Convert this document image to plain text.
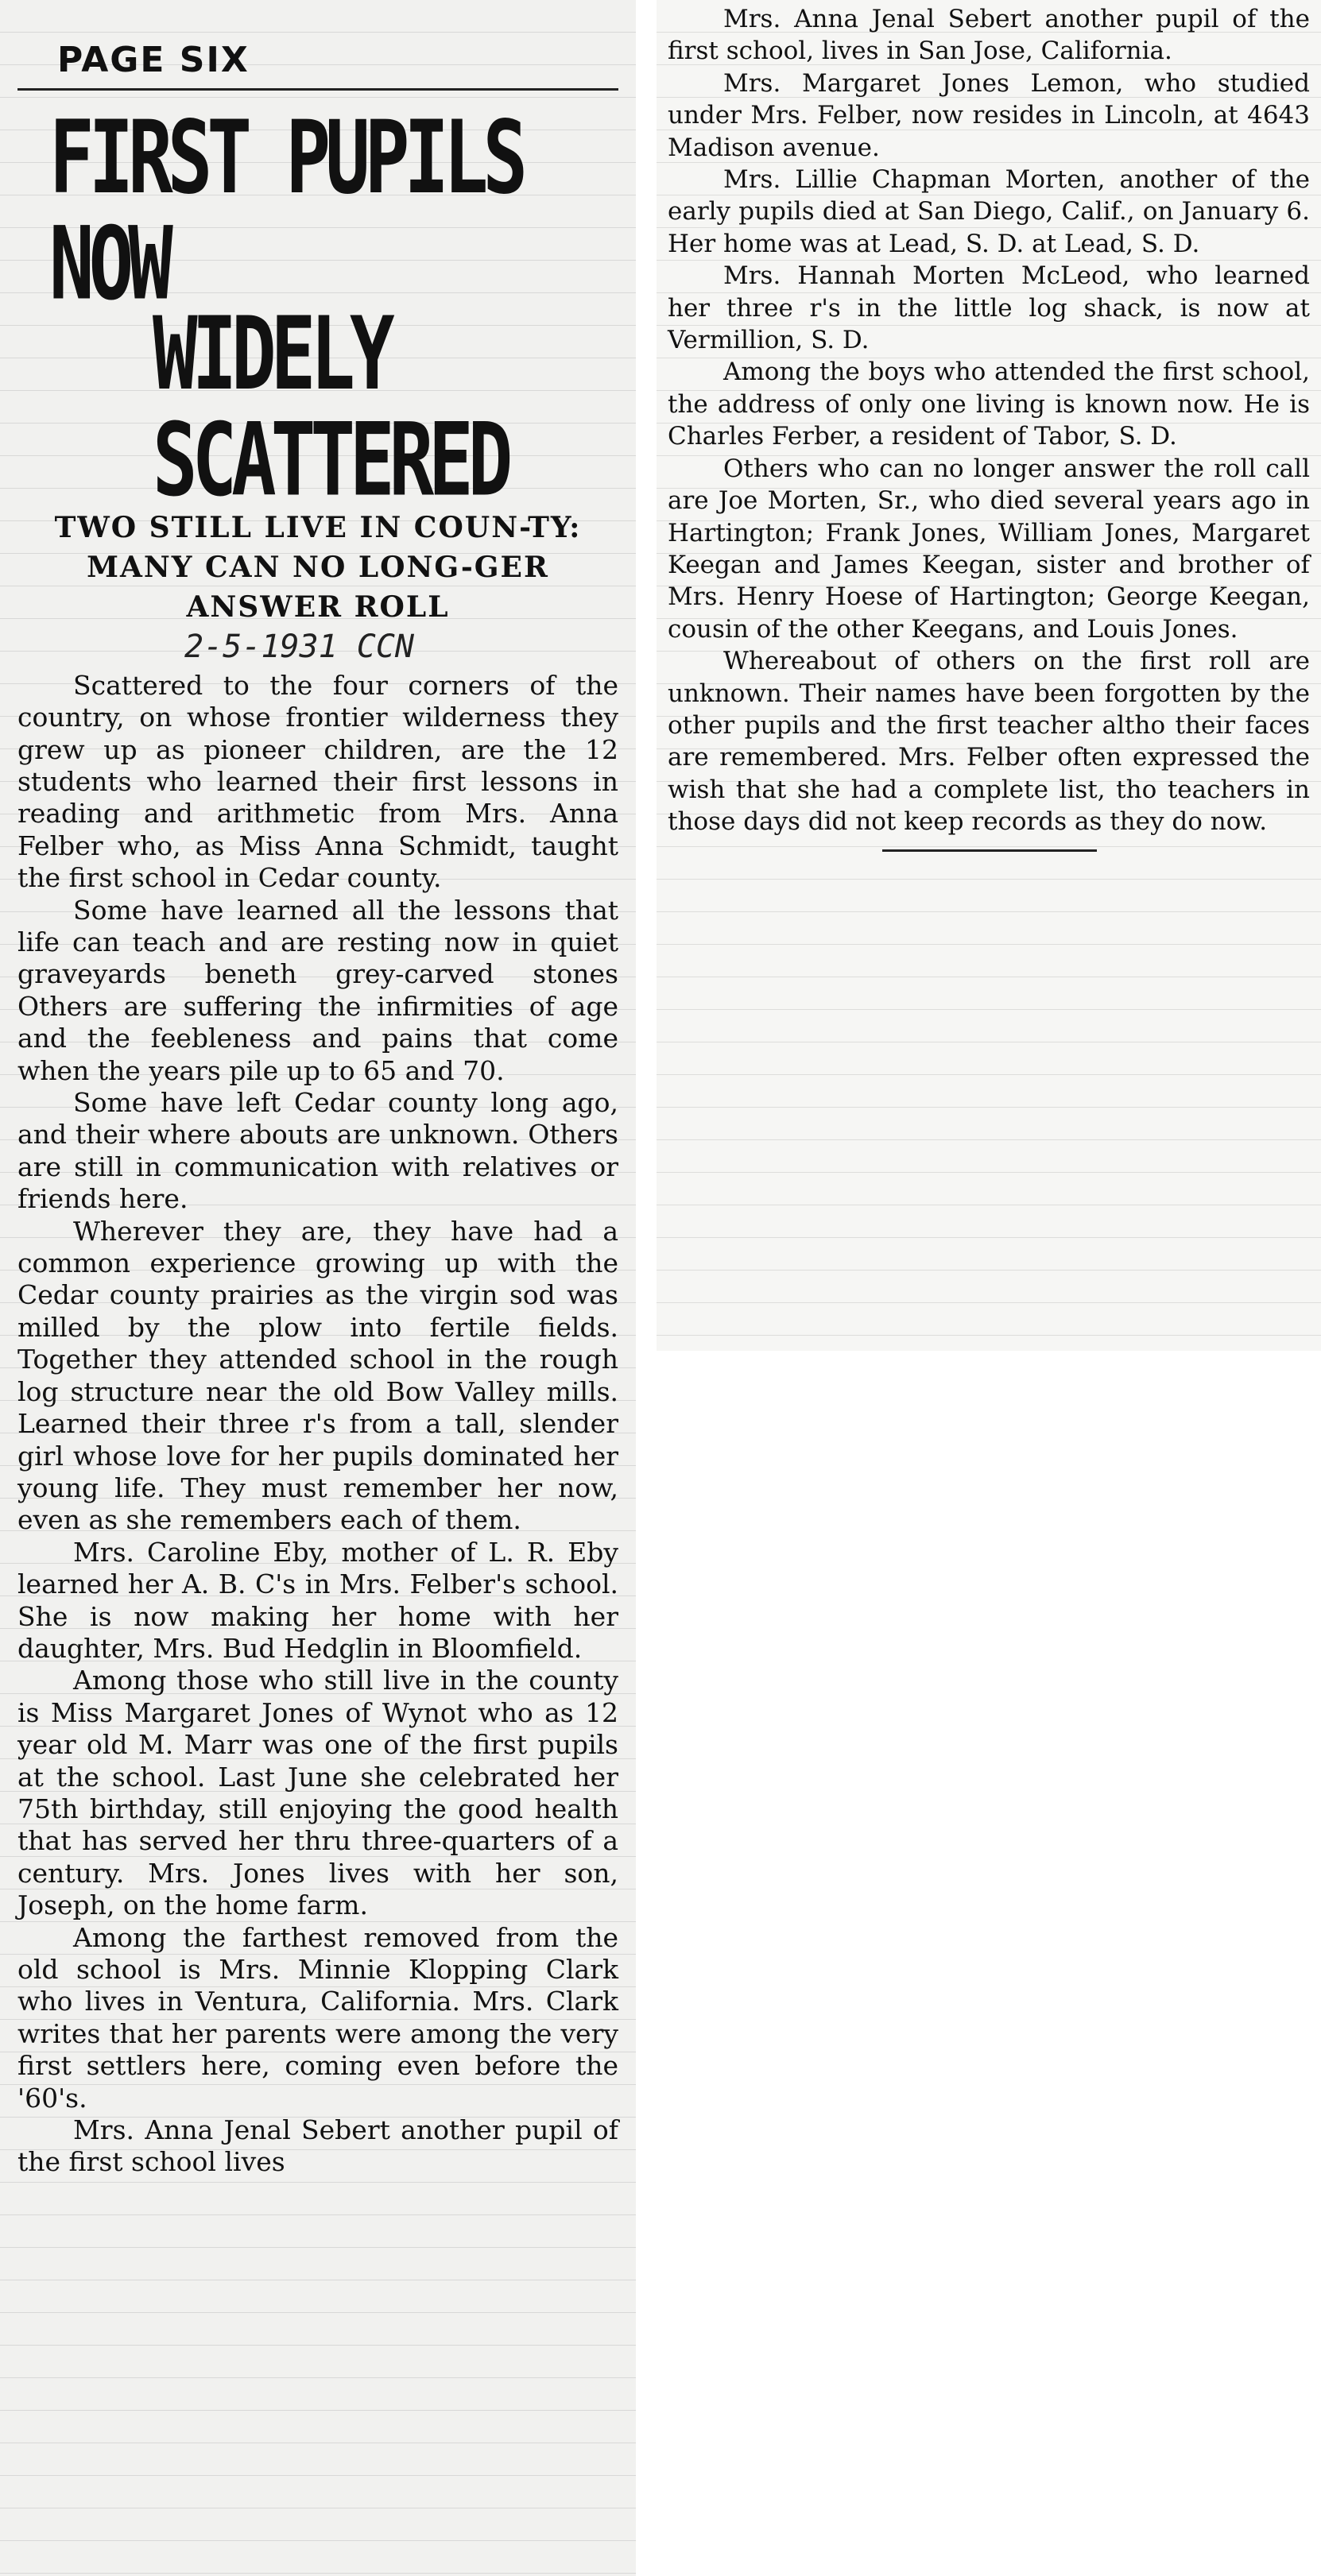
PAGE SIX
FIRST PUPILS NOW
WIDELY SCATTERED
TWO STILL LIVE IN COUN-TY: MANY CAN NO LONG-GER ANSWER ROLL
2-5-1931 CCN

Scattered to the four corners of the country, on whose frontier wilderness they grew up as pioneer children, are the 12 students who learned their first lessons in reading and arithmetic from Mrs. Anna Felber who, as Miss Anna Schmidt, taught the first school in Cedar county.

Some have learned all the lessons that life can teach and are resting now in quiet graveyards beneth grey-carved stones Others are suffering the infirmities of age and the feebleness and pains that come when the years pile up to 65 and 70.

Some have left Cedar county long ago, and their where abouts are unknown. Others are still in communication with relatives or friends here.

Wherever they are, they have had a common experience growing up with the Cedar county prairies as the virgin sod was milled by the plow into fertile fields. Together they attended school in the rough log structure near the old Bow Valley mills. Learned their three r's from a tall, slender girl whose love for her pupils dominated her young life. They must remember her now, even as she remembers each of them.

Mrs. Caroline Eby, mother of L. R. Eby learned her A. B. C's in Mrs. Felber's school. She is now making her home with her daughter, Mrs. Bud Hedglin in Bloomfield.

Among those who still live in the county is Miss Margaret Jones of Wynot who as 12 year old M. Marr was one of the first pupils at the school. Last June she celebrated her 75th birthday, still enjoying the good health that has served her thru three-quarters of a century. Mrs. Jones lives with her son, Joseph, on the home farm.

Among the farthest removed from the old school is Mrs. Minnie Klopping Clark who lives in Ventura, California. Mrs. Clark writes that her parents were among the very first settlers here, coming even before the '60's.

Mrs. Anna Jenal Sebert another pupil of the first school lives

Mrs. Anna Jenal Sebert another pupil of the first school, lives in San Jose, California.

Mrs. Margaret Jones Lemon, who studied under Mrs. Felber, now resides in Lincoln, at 4643 Madison avenue.

Mrs. Lillie Chapman Morten, another of the early pupils died at San Diego, Calif., on January 6. Her home was at Lead, S. D. at Lead, S. D.

Mrs. Hannah Morten McLeod, who learned her three r's in the little log shack, is now at Vermillion, S. D.

Among the boys who attended the first school, the address of only one living is known now. He is Charles Ferber, a resident of Tabor, S. D.

Others who can no longer answer the roll call are Joe Morten, Sr., who died several years ago in Hartington; Frank Jones, William Jones, Margaret Keegan and James Keegan, sister and brother of Mrs. Henry Hoese of Hartington; George Keegan, cousin of the other Keegans, and Louis Jones.

Whereabout of others on the first roll are unknown. Their names have been forgotten by the other pupils and the first teacher altho their faces are remembered. Mrs. Felber often expressed the wish that she had a complete list, tho teachers in those days did not keep records as they do now.
